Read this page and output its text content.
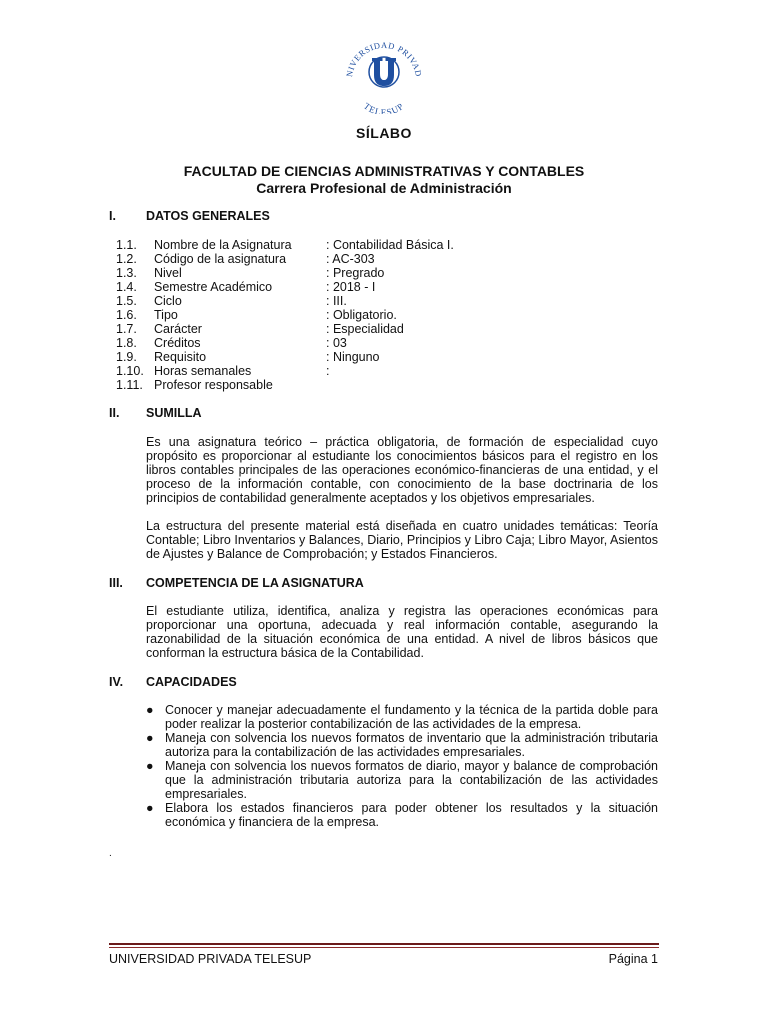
NIVERSIDAD PRIVAD
TELESUP
SÍLABO
FACULTAD DE CIENCIAS ADMINISTRATIVAS Y CONTABLES
Carrera Profesional de Administración
I. DATOS GENERALES
1.1.	Nombre de la Asignatura	: Contabilidad Básica I.
1.2.	Código de la asignatura	: AC-303
1.3.	Nivel	: Pregrado
1.4.	Semestre Académico	: 2018 - I
1.5.	Ciclo	: III.
1.6.	Tipo	: Obligatorio.
1.7.	Carácter	: Especialidad
1.8.	Créditos	: 03
1.9.	Requisito	: Ninguno
1.10. Horas semanales	:
1.11. Profesor responsable
II. SUMILLA
Es una asignatura teórico – práctica obligatoria, de formación de especialidad cuyo propósito es proporcionar al estudiante los conocimientos básicos para el registro en los libros contables principales de las operaciones económico-financieras de una entidad, y el proceso de la información contable, con conocimiento de la base doctrinaria de los principios de contabilidad generalmente aceptados y los objetivos empresariales.
La estructura del presente material está diseñada en cuatro unidades temáticas: Teoría Contable; Libro Inventarios y Balances, Diario, Principios y Libro Caja; Libro Mayor, Asientos de Ajustes y Balance de Comprobación; y Estados Financieros.
III. COMPETENCIA DE LA ASIGNATURA
El estudiante utiliza, identifica, analiza y registra las operaciones económicas para proporcionar una oportuna, adecuada y real información contable, asegurando la razonabilidad de la situación económica de una entidad. A nivel de libros básicos que conforman la estructura básica de la Contabilidad.
IV. CAPACIDADES
● Conocer y manejar adecuadamente el fundamento y la técnica de la partida doble para poder realizar la posterior contabilización de las actividades de la empresa.
● Maneja con solvencia los nuevos formatos de inventario que la administración tributaria autoriza para la contabilización de las actividades empresariales.
● Maneja con solvencia los nuevos formatos de diario, mayor y balance de comprobación que la administración tributaria autoriza para la contabilización de las actividades empresariales.
● Elabora los estados financieros para poder obtener los resultados y la situación económica y financiera de la empresa.
.
UNIVERSIDAD PRIVADA TELESUP	Página 1
